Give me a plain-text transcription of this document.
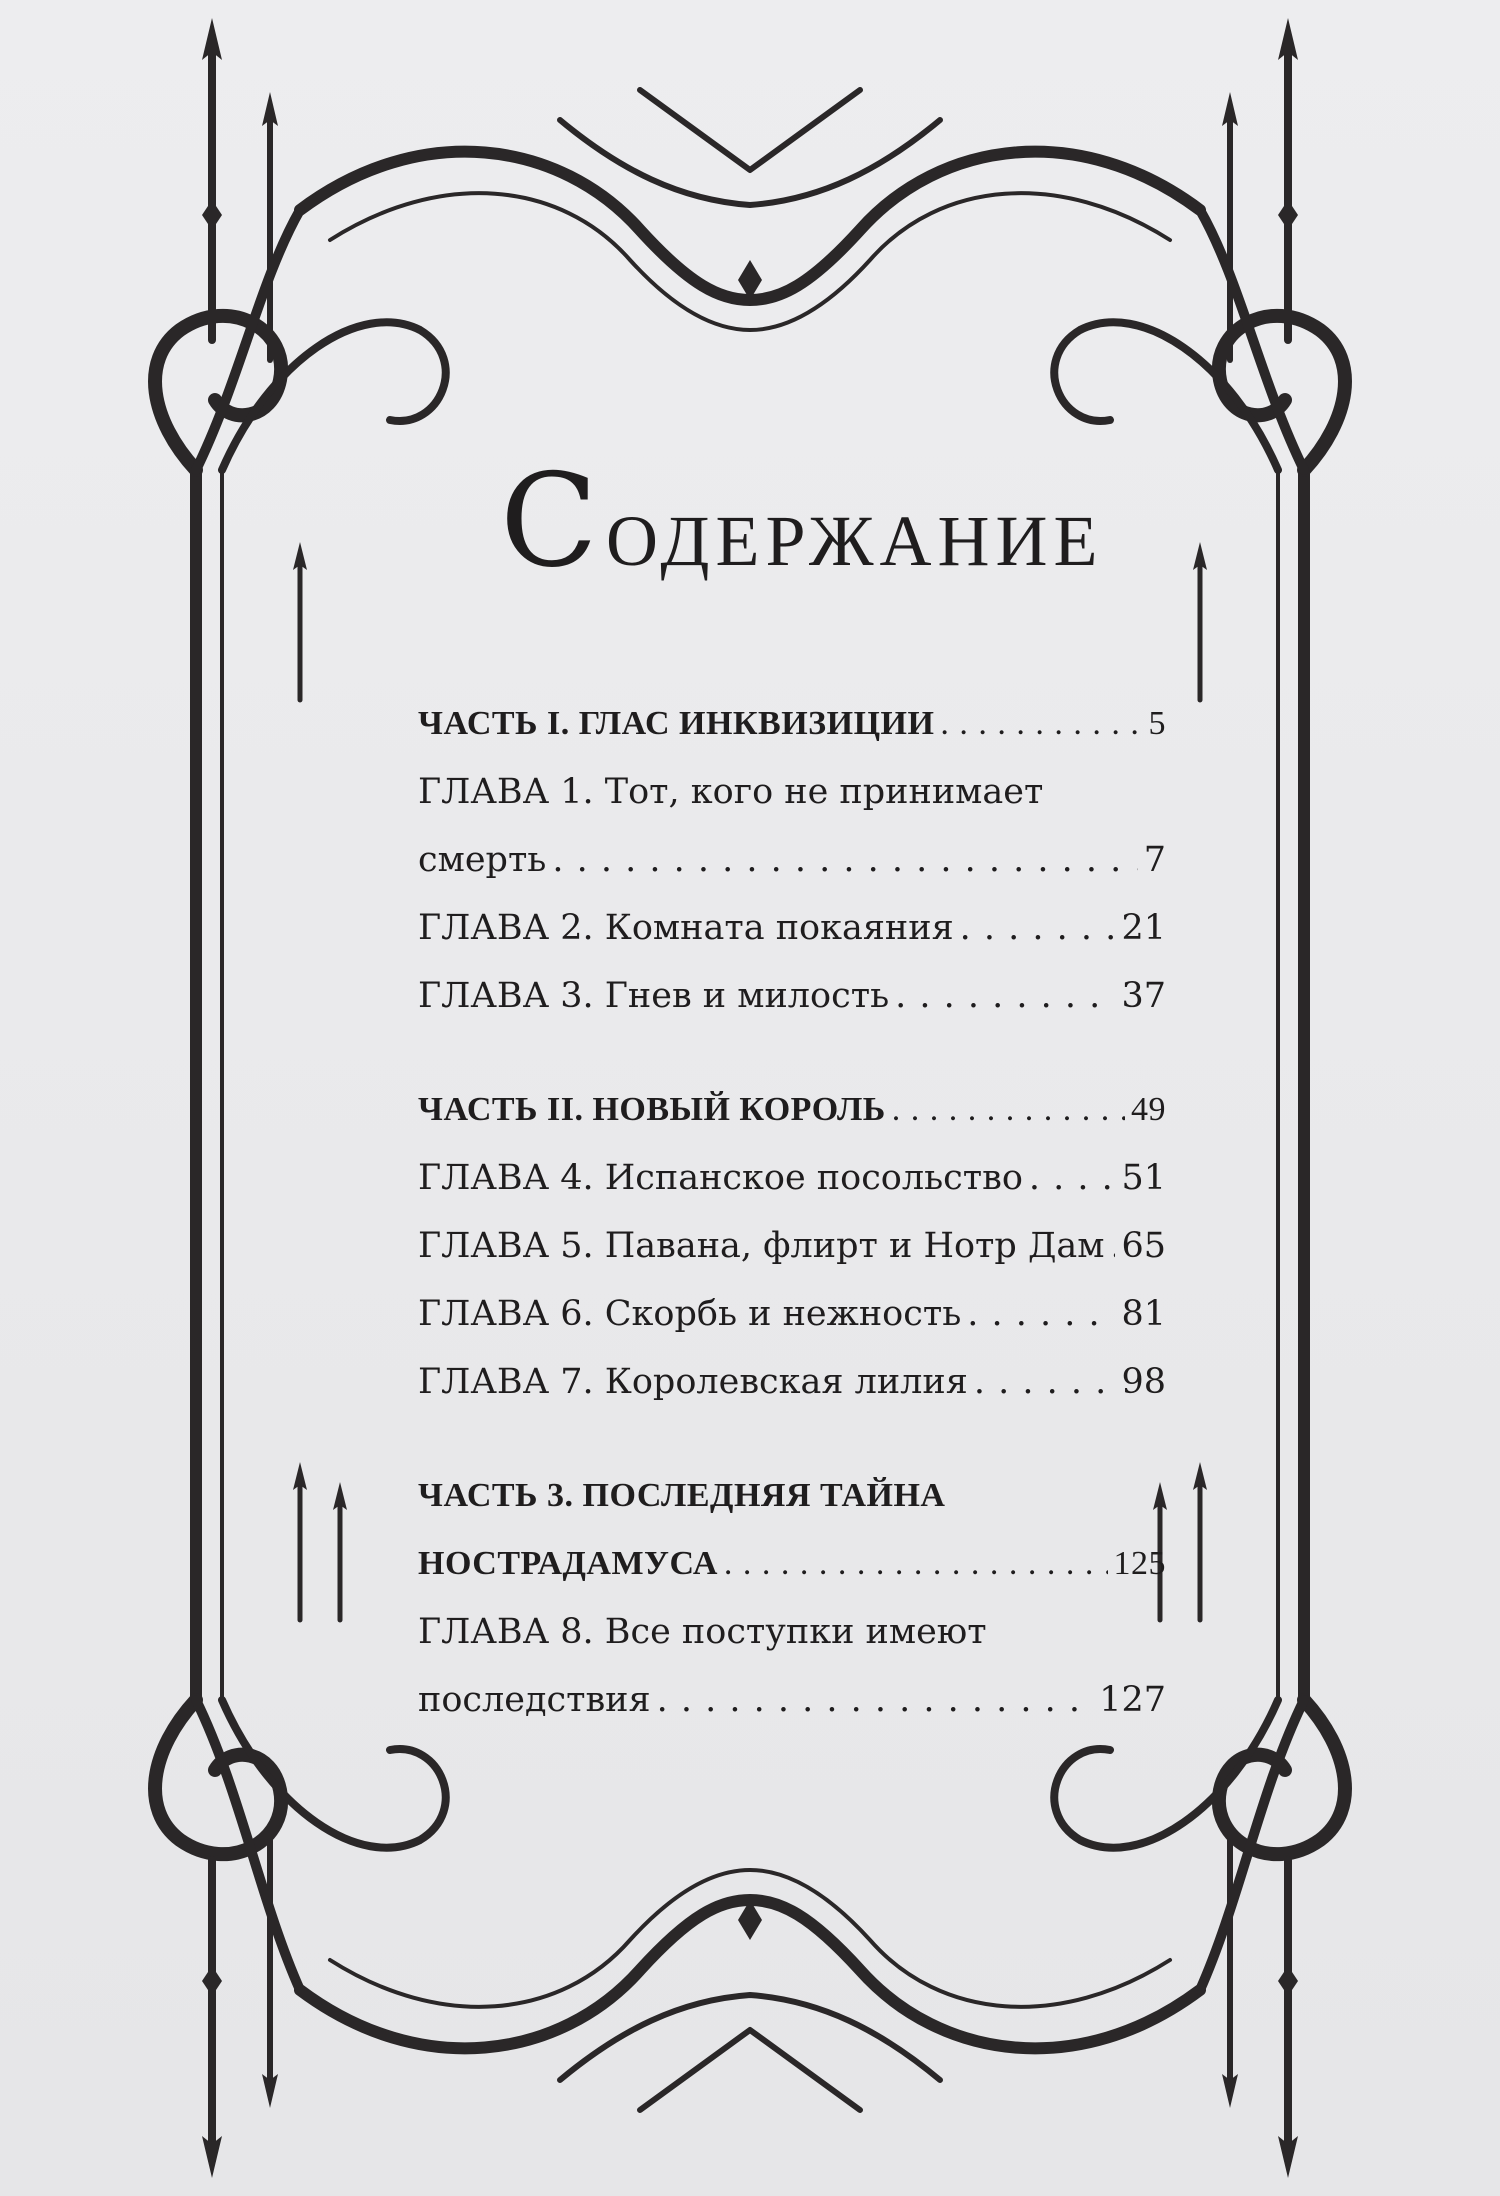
СОДЕРЖАНИЕ
ЧАСТЬ I. ГЛАС ИНКВИЗИЦИИ . . .	5
ГЛАВА 1. Тот, кого не принимает
смерть . . .	7
ГЛАВА 2. Комната покаяния . . .	21
ГЛАВА 3. Гнев и милость . . .	37
ЧАСТЬ II. НОВЫЙ КОРОЛЬ . . .	49
ГЛАВА 4. Испанское посольство . . .	51
ГЛАВА 5. Павана, флирт и Нотр Дам . . . 65
ГЛАВА 6. Скорбь и нежность . . .	81
ГЛАВА 7. Королевская лилия . . .	98
ЧАСТЬ 3. ПОСЛЕДНЯЯ ТАЙНА
НОСТРАДАМУСА . . .	125
ГЛАВА 8. Все поступки имеют
последствия . . .	127
